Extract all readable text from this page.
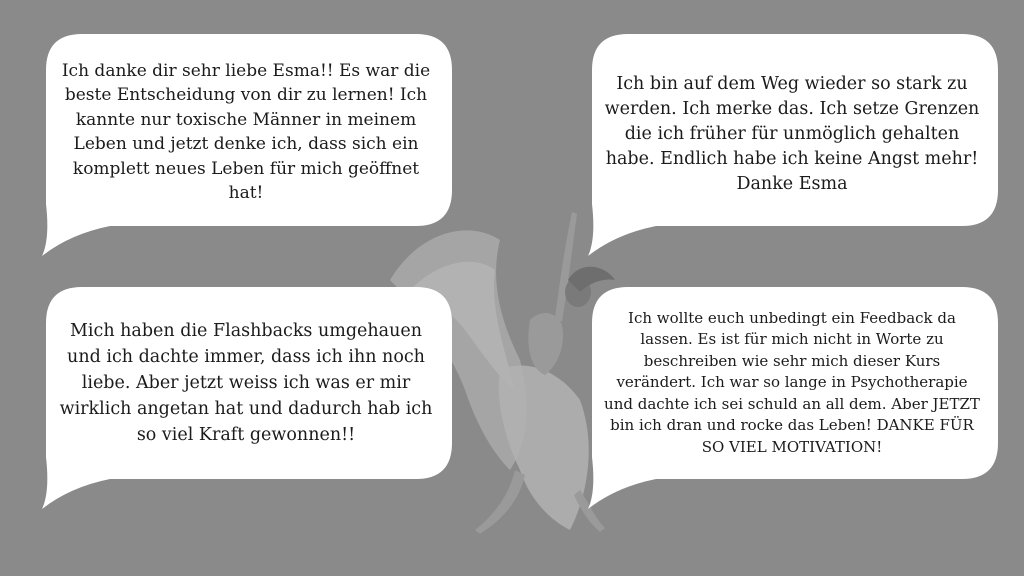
Ich danke dir sehr liebe Esma!! Es war die beste Entscheidung von dir zu lernen! Ich kannte nur toxische Männer in meinem Leben und jetzt denke ich, dass sich ein komplett neues Leben für mich geöffnet hat!
Ich bin auf dem Weg wieder so stark zu werden. Ich merke das. Ich setze Grenzen die ich früher für unmöglich gehalten habe. Endlich habe ich keine Angst mehr! Danke Esma
Mich haben die Flashbacks umgehauen und ich dachte immer, dass ich ihn noch liebe. Aber jetzt weiss ich was er mir wirklich angetan hat und dadurch hab ich so viel Kraft gewonnen!!
Ich wollte euch unbedingt ein Feedback da lassen. Es ist für mich nicht in Worte zu beschreiben wie sehr mich dieser Kurs verändert. Ich war so lange in Psychotherapie und dachte ich sei schuld an all dem. Aber JETZT bin ich dran und rocke das Leben! DANKE FÜR SO VIEL MOTIVATION!
